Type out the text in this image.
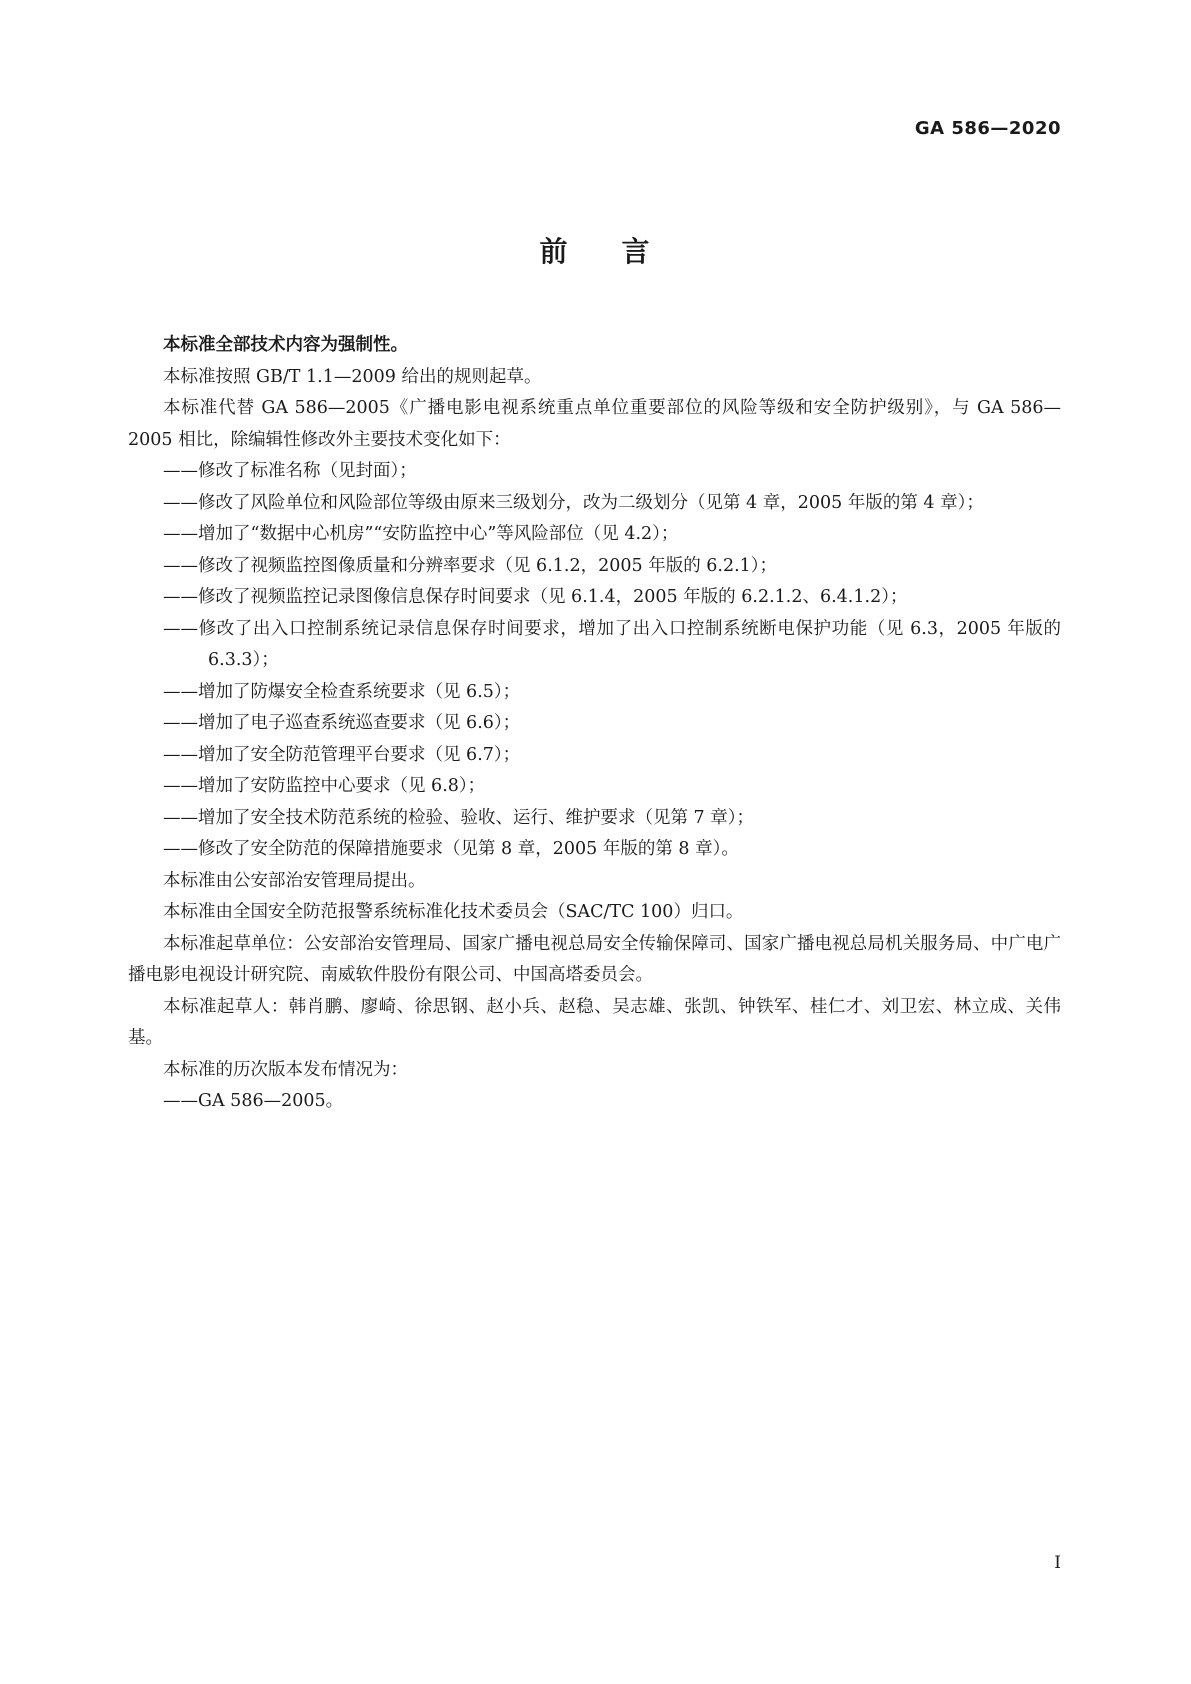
GA 586—2020
前 言

本标准全部技术内容为强制性。

本标准按照 GB/T 1.1—2009 给出的规则起草。

本标准代替 GA 586—2005《广播电影电视系统重点单位重要部位的风险等级和安全防护级别》，与 GA 586—2005 相比，除编辑性修改外主要技术变化如下：

——修改了标准名称（见封面）；

——修改了风险单位和风险部位等级由原来三级划分，改为二级划分（见第 4 章，2005 年版的第 4 章）；

——增加了“数据中心机房”“安防监控中心”等风险部位（见 4.2）；

——修改了视频监控图像质量和分辨率要求（见 6.1.2，2005 年版的 6.2.1）；

——修改了视频监控记录图像信息保存时间要求（见 6.1.4，2005 年版的 6.2.1.2、6.4.1.2）；

——修改了出入口控制系统记录信息保存时间要求，增加了出入口控制系统断电保护功能（见 6.3，2005 年版的 6.3.3）；

——增加了防爆安全检查系统要求（见 6.5）；

——增加了电子巡查系统巡查要求（见 6.6）；

——增加了安全防范管理平台要求（见 6.7）；

——增加了安防监控中心要求（见 6.8）；

——增加了安全技术防范系统的检验、验收、运行、维护要求（见第 7 章）；

——修改了安全防范的保障措施要求（见第 8 章，2005 年版的第 8 章）。

本标准由公安部治安管理局提出。

本标准由全国安全防范报警系统标准化技术委员会（SAC/TC 100）归口。

本标准起草单位：公安部治安管理局、国家广播电视总局安全传输保障司、国家广播电视总局机关服务局、中广电广播电影电视设计研究院、南威软件股份有限公司、中国高塔委员会。

本标准起草人：韩肖鹏、廖崎、徐思钢、赵小兵、赵稳、吴志雄、张凯、钟铁军、桂仁才、刘卫宏、林立成、关伟基。

本标准的历次版本发布情况为：

——GA 586—2005。

I
